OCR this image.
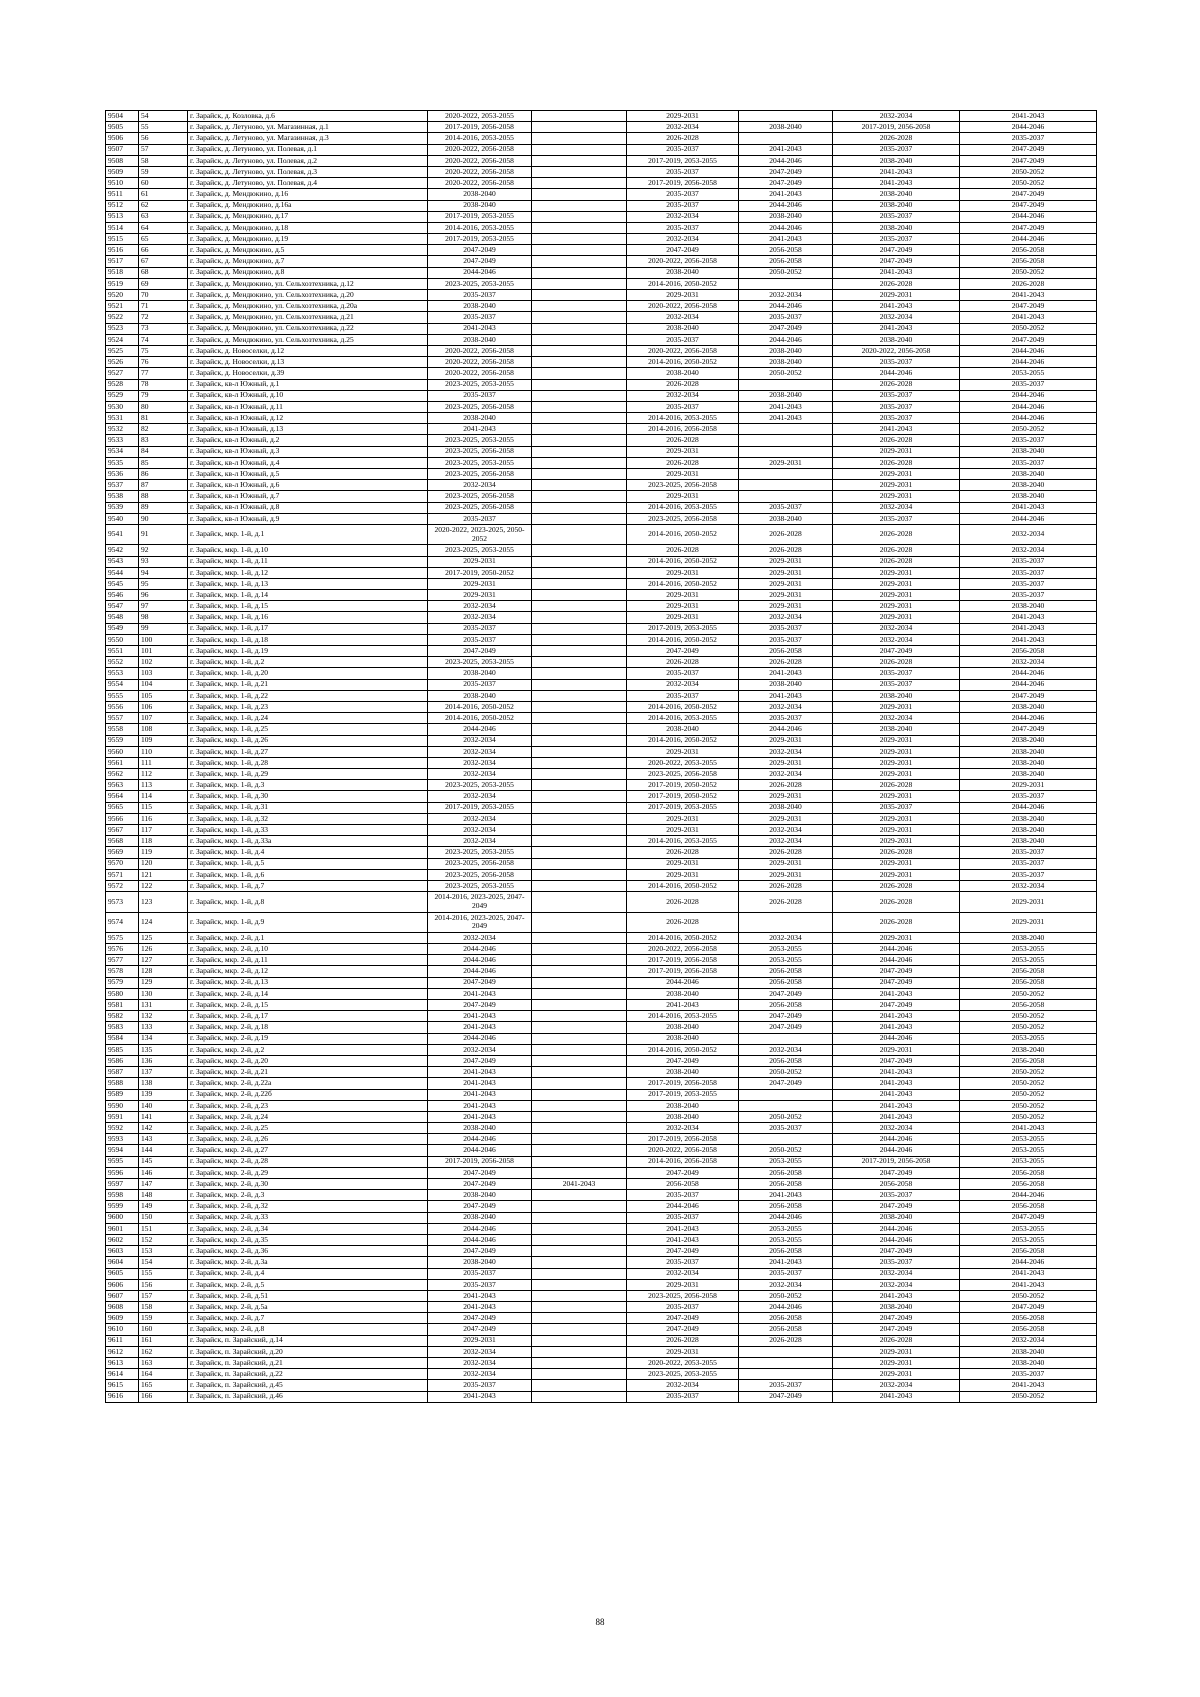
9504	54	г. Зарайск, д. Козловка, д.6	2020-2022, 2053-2055		2029-2031		2032-2034	2041-2043
9505	55	г. Зарайск, д. Летуново, ул. Магазинная, д.1	2017-2019, 2056-2058		2032-2034	2038-2040	2017-2019, 2056-2058	2044-2046
9506	56	г. Зарайск, д. Летуново, ул. Магазинная, д.3	2014-2016, 2053-2055		2026-2028		2026-2028	2035-2037
9507	57	г. Зарайск, д. Летуново, ул. Полевая, д.1	2020-2022, 2056-2058		2035-2037	2041-2043	2035-2037	2047-2049
9508	58	г. Зарайск, д. Летуново, ул. Полевая, д.2	2020-2022, 2056-2058		2017-2019, 2053-2055	2044-2046	2038-2040	2047-2049
9509	59	г. Зарайск, д. Летуново, ул. Полевая, д.3	2020-2022, 2056-2058		2035-2037	2047-2049	2041-2043	2050-2052
9510	60	г. Зарайск, д. Летуново, ул. Полевая, д.4	2020-2022, 2056-2058		2017-2019, 2056-2058	2047-2049	2041-2043	2050-2052
9511	61	г. Зарайск, д. Мендюкино, д.16	2038-2040		2035-2037	2041-2043	2038-2040	2047-2049
9512	62	г. Зарайск, д. Мендюкино, д.16а	2038-2040		2035-2037	2044-2046	2038-2040	2047-2049
9513	63	г. Зарайск, д. Мендюкино, д.17	2017-2019, 2053-2055		2032-2034	2038-2040	2035-2037	2044-2046
9514	64	г. Зарайск, д. Мендюкино, д.18	2014-2016, 2053-2055		2035-2037	2044-2046	2038-2040	2047-2049
9515	65	г. Зарайск, д. Мендюкино, д.19	2017-2019, 2053-2055		2032-2034	2041-2043	2035-2037	2044-2046
9516	66	г. Зарайск, д. Мендюкино, д.5	2047-2049		2047-2049	2056-2058	2047-2049	2056-2058
9517	67	г. Зарайск, д. Мендюкино, д.7	2047-2049		2020-2022, 2056-2058	2056-2058	2047-2049	2056-2058
9518	68	г. Зарайск, д. Мендюкино, д.8	2044-2046		2038-2040	2050-2052	2041-2043	2050-2052
9519	69	г. Зарайск, д. Мендюкино, ул. Сельхозтехника, д.12	2023-2025, 2053-2055		2014-2016, 2050-2052		2026-2028	2026-2028
9520	70	г. Зарайск, д. Мендюкино, ул. Сельхозтехника, д.20	2035-2037		2029-2031	2032-2034	2029-2031	2041-2043
9521	71	г. Зарайск, д. Мендюкино, ул. Сельхозтехника, д.20а	2038-2040		2020-2022, 2056-2058	2044-2046	2041-2043	2047-2049
9522	72	г. Зарайск, д. Мендюкино, ул. Сельхозтехника, д.21	2035-2037		2032-2034	2035-2037	2032-2034	2041-2043
9523	73	г. Зарайск, д. Мендюкино, ул. Сельхозтехника, д.22	2041-2043		2038-2040	2047-2049	2041-2043	2050-2052
9524	74	г. Зарайск, д. Мендюкино, ул. Сельхозтехника, д.25	2038-2040		2035-2037	2044-2046	2038-2040	2047-2049
9525	75	г. Зарайск, д. Новоселки, д.12	2020-2022, 2056-2058		2020-2022, 2056-2058	2038-2040	2020-2022, 2056-2058	2044-2046
9526	76	г. Зарайск, д. Новоселки, д.13	2020-2022, 2056-2058		2014-2016, 2050-2052	2038-2040	2035-2037	2044-2046
9527	77	г. Зарайск, д. Новоселки, д.39	2020-2022, 2056-2058		2038-2040	2050-2052	2044-2046	2053-2055
9528	78	г. Зарайск, кв-л Южный, д.1	2023-2025, 2053-2055		2026-2028		2026-2028	2035-2037
9529	79	г. Зарайск, кв-л Южный, д.10	2035-2037		2032-2034	2038-2040	2035-2037	2044-2046
9530	80	г. Зарайск, кв-л Южный, д.11	2023-2025, 2056-2058		2035-2037	2041-2043	2035-2037	2044-2046
9531	81	г. Зарайск, кв-л Южный, д.12	2038-2040		2014-2016, 2053-2055	2041-2043	2035-2037	2044-2046
9532	82	г. Зарайск, кв-л Южный, д.13	2041-2043		2014-2016, 2056-2058		2041-2043	2050-2052
9533	83	г. Зарайск, кв-л Южный, д.2	2023-2025, 2053-2055		2026-2028		2026-2028	2035-2037
9534	84	г. Зарайск, кв-л Южный, д.3	2023-2025, 2056-2058		2029-2031		2029-2031	2038-2040
9535	85	г. Зарайск, кв-л Южный, д.4	2023-2025, 2053-2055		2026-2028	2029-2031	2026-2028	2035-2037
9536	86	г. Зарайск, кв-л Южный, д.5	2023-2025, 2056-2058		2029-2031		2029-2031	2038-2040
9537	87	г. Зарайск, кв-л Южный, д.6	2032-2034		2023-2025, 2056-2058		2029-2031	2038-2040
9538	88	г. Зарайск, кв-л Южный, д.7	2023-2025, 2056-2058		2029-2031		2029-2031	2038-2040
9539	89	г. Зарайск, кв-л Южный, д.8	2023-2025, 2056-2058		2014-2016, 2053-2055	2035-2037	2032-2034	2041-2043
9540	90	г. Зарайск, кв-л Южный, д.9	2035-2037		2023-2025, 2056-2058	2038-2040	2035-2037	2044-2046
9541	91	г. Зарайск, мкр. 1-й, д.1	2020-2022, 2023-2025, 2050-2052		2014-2016, 2050-2052	2026-2028	2026-2028	2032-2034
9542	92	г. Зарайск, мкр. 1-й, д.10	2023-2025, 2053-2055		2026-2028	2026-2028	2026-2028	2032-2034
9543	93	г. Зарайск, мкр. 1-й, д.11	2029-2031		2014-2016, 2050-2052	2029-2031	2026-2028	2035-2037
9544	94	г. Зарайск, мкр. 1-й, д.12	2017-2019, 2050-2052		2029-2031	2029-2031	2029-2031	2035-2037
9545	95	г. Зарайск, мкр. 1-й, д.13	2029-2031		2014-2016, 2050-2052	2029-2031	2029-2031	2035-2037
9546	96	г. Зарайск, мкр. 1-й, д.14	2029-2031		2029-2031	2029-2031	2029-2031	2035-2037
9547	97	г. Зарайск, мкр. 1-й, д.15	2032-2034		2029-2031	2029-2031	2029-2031	2038-2040
9548	98	г. Зарайск, мкр. 1-й, д.16	2032-2034		2029-2031	2032-2034	2029-2031	2041-2043
9549	99	г. Зарайск, мкр. 1-й, д.17	2035-2037		2017-2019, 2053-2055	2035-2037	2032-2034	2041-2043
9550	100	г. Зарайск, мкр. 1-й, д.18	2035-2037		2014-2016, 2050-2052	2035-2037	2032-2034	2041-2043
9551	101	г. Зарайск, мкр. 1-й, д.19	2047-2049		2047-2049	2056-2058	2047-2049	2056-2058
9552	102	г. Зарайск, мкр. 1-й, д.2	2023-2025, 2053-2055		2026-2028	2026-2028	2026-2028	2032-2034
9553	103	г. Зарайск, мкр. 1-й, д.20	2038-2040		2035-2037	2041-2043	2035-2037	2044-2046
9554	104	г. Зарайск, мкр. 1-й, д.21	2035-2037		2032-2034	2038-2040	2035-2037	2044-2046
9555	105	г. Зарайск, мкр. 1-й, д.22	2038-2040		2035-2037	2041-2043	2038-2040	2047-2049
9556	106	г. Зарайск, мкр. 1-й, д.23	2014-2016, 2050-2052		2014-2016, 2050-2052	2032-2034	2029-2031	2038-2040
9557	107	г. Зарайск, мкр. 1-й, д.24	2014-2016, 2050-2052		2014-2016, 2053-2055	2035-2037	2032-2034	2044-2046
9558	108	г. Зарайск, мкр. 1-й, д.25	2044-2046		2038-2040	2044-2046	2038-2040	2047-2049
9559	109	г. Зарайск, мкр. 1-й, д.26	2032-2034		2014-2016, 2050-2052	2029-2031	2029-2031	2038-2040
9560	110	г. Зарайск, мкр. 1-й, д.27	2032-2034		2029-2031	2032-2034	2029-2031	2038-2040
9561	111	г. Зарайск, мкр. 1-й, д.28	2032-2034		2020-2022, 2053-2055	2029-2031	2029-2031	2038-2040
9562	112	г. Зарайск, мкр. 1-й, д.29	2032-2034		2023-2025, 2056-2058	2032-2034	2029-2031	2038-2040
9563	113	г. Зарайск, мкр. 1-й, д.3	2023-2025, 2053-2055		2017-2019, 2050-2052	2026-2028	2026-2028	2029-2031
9564	114	г. Зарайск, мкр. 1-й, д.30	2032-2034		2017-2019, 2050-2052	2029-2031	2029-2031	2035-2037
9565	115	г. Зарайск, мкр. 1-й, д.31	2017-2019, 2053-2055		2017-2019, 2053-2055	2038-2040	2035-2037	2044-2046
9566	116	г. Зарайск, мкр. 1-й, д.32	2032-2034		2029-2031	2029-2031	2029-2031	2038-2040
9567	117	г. Зарайск, мкр. 1-й, д.33	2032-2034		2029-2031	2032-2034	2029-2031	2038-2040
9568	118	г. Зарайск, мкр. 1-й, д.33а	2032-2034		2014-2016, 2053-2055	2032-2034	2029-2031	2038-2040
9569	119	г. Зарайск, мкр. 1-й, д.4	2023-2025, 2053-2055		2026-2028	2026-2028	2026-2028	2035-2037
9570	120	г. Зарайск, мкр. 1-й, д.5	2023-2025, 2056-2058		2029-2031	2029-2031	2029-2031	2035-2037
9571	121	г. Зарайск, мкр. 1-й, д.6	2023-2025, 2056-2058		2029-2031	2029-2031	2029-2031	2035-2037
9572	122	г. Зарайск, мкр. 1-й, д.7	2023-2025, 2053-2055		2014-2016, 2050-2052	2026-2028	2026-2028	2032-2034
9573	123	г. Зарайск, мкр. 1-й, д.8	2014-2016, 2023-2025, 2047-2049		2026-2028	2026-2028	2026-2028	2029-2031
9574	124	г. Зарайск, мкр. 1-й, д.9	2014-2016, 2023-2025, 2047-2049		2026-2028		2026-2028	2029-2031
9575	125	г. Зарайск, мкр. 2-й, д.1	2032-2034		2014-2016, 2050-2052	2032-2034	2029-2031	2038-2040
9576	126	г. Зарайск, мкр. 2-й, д.10	2044-2046		2020-2022, 2056-2058	2053-2055	2044-2046	2053-2055
9577	127	г. Зарайск, мкр. 2-й, д.11	2044-2046		2017-2019, 2056-2058	2053-2055	2044-2046	2053-2055
9578	128	г. Зарайск, мкр. 2-й, д.12	2044-2046		2017-2019, 2056-2058	2056-2058	2047-2049	2056-2058
9579	129	г. Зарайск, мкр. 2-й, д.13	2047-2049		2044-2046	2056-2058	2047-2049	2056-2058
9580	130	г. Зарайск, мкр. 2-й, д.14	2041-2043		2038-2040	2047-2049	2041-2043	2050-2052
9581	131	г. Зарайск, мкр. 2-й, д.15	2047-2049		2041-2043	2056-2058	2047-2049	2056-2058
9582	132	г. Зарайск, мкр. 2-й, д.17	2041-2043		2014-2016, 2053-2055	2047-2049	2041-2043	2050-2052
9583	133	г. Зарайск, мкр. 2-й, д.18	2041-2043		2038-2040	2047-2049	2041-2043	2050-2052
9584	134	г. Зарайск, мкр. 2-й, д.19	2044-2046		2038-2040		2044-2046	2053-2055
9585	135	г. Зарайск, мкр. 2-й, д.2	2032-2034		2014-2016, 2050-2052	2032-2034	2029-2031	2038-2040
9586	136	г. Зарайск, мкр. 2-й, д.20	2047-2049		2047-2049	2056-2058	2047-2049	2056-2058
9587	137	г. Зарайск, мкр. 2-й, д.21	2041-2043		2038-2040	2050-2052	2041-2043	2050-2052
9588	138	г. Зарайск, мкр. 2-й, д.22а	2041-2043		2017-2019, 2056-2058	2047-2049	2041-2043	2050-2052
9589	139	г. Зарайск, мкр. 2-й, д.22б	2041-2043		2017-2019, 2053-2055		2041-2043	2050-2052
9590	140	г. Зарайск, мкр. 2-й, д.23	2041-2043		2038-2040		2041-2043	2050-2052
9591	141	г. Зарайск, мкр. 2-й, д.24	2041-2043		2038-2040	2050-2052	2041-2043	2050-2052
9592	142	г. Зарайск, мкр. 2-й, д.25	2038-2040		2032-2034	2035-2037	2032-2034	2041-2043
9593	143	г. Зарайск, мкр. 2-й, д.26	2044-2046		2017-2019, 2056-2058		2044-2046	2053-2055
9594	144	г. Зарайск, мкр. 2-й, д.27	2044-2046		2020-2022, 2056-2058	2050-2052	2044-2046	2053-2055
9595	145	г. Зарайск, мкр. 2-й, д.28	2017-2019, 2056-2058		2014-2016, 2056-2058	2053-2055	2017-2019, 2056-2058	2053-2055
9596	146	г. Зарайск, мкр. 2-й, д.29	2047-2049		2047-2049	2056-2058	2047-2049	2056-2058
9597	147	г. Зарайск, мкр. 2-й, д.30	2047-2049	2041-2043	2056-2058	2056-2058	2056-2058	2056-2058
9598	148	г. Зарайск, мкр. 2-й, д.3	2038-2040		2035-2037	2041-2043	2035-2037	2044-2046
9599	149	г. Зарайск, мкр. 2-й, д.32	2047-2049		2044-2046	2056-2058	2047-2049	2056-2058
9600	150	г. Зарайск, мкр. 2-й, д.33	2038-2040		2035-2037	2044-2046	2038-2040	2047-2049
9601	151	г. Зарайск, мкр. 2-й, д.34	2044-2046		2041-2043	2053-2055	2044-2046	2053-2055
9602	152	г. Зарайск, мкр. 2-й, д.35	2044-2046		2041-2043	2053-2055	2044-2046	2053-2055
9603	153	г. Зарайск, мкр. 2-й, д.36	2047-2049		2047-2049	2056-2058	2047-2049	2056-2058
9604	154	г. Зарайск, мкр. 2-й, д.3а	2038-2040		2035-2037	2041-2043	2035-2037	2044-2046
9605	155	г. Зарайск, мкр. 2-й, д.4	2035-2037		2032-2034	2035-2037	2032-2034	2041-2043
9606	156	г. Зарайск, мкр. 2-й, д.5	2035-2037		2029-2031	2032-2034	2032-2034	2041-2043
9607	157	г. Зарайск, мкр. 2-й, д.51	2041-2043		2023-2025, 2056-2058	2050-2052	2041-2043	2050-2052
9608	158	г. Зарайск, мкр. 2-й, д.5а	2041-2043		2035-2037	2044-2046	2038-2040	2047-2049
9609	159	г. Зарайск, мкр. 2-й, д.7	2047-2049		2047-2049	2056-2058	2047-2049	2056-2058
9610	160	г. Зарайск, мкр. 2-й, д.8	2047-2049		2047-2049	2056-2058	2047-2049	2056-2058
9611	161	г. Зарайск, п. Зарайский, д.14	2029-2031		2026-2028	2026-2028	2026-2028	2032-2034
9612	162	г. Зарайск, п. Зарайский, д.20	2032-2034		2029-2031		2029-2031	2038-2040
9613	163	г. Зарайск, п. Зарайский, д.21	2032-2034		2020-2022, 2053-2055		2029-2031	2038-2040
9614	164	г. Зарайск, п. Зарайский, д.22	2032-2034		2023-2025, 2053-2055		2029-2031	2035-2037
9615	165	г. Зарайск, п. Зарайский, д.45	2035-2037		2032-2034	2035-2037	2032-2034	2041-2043
9616	166	г. Зарайск, п. Зарайский, д.46	2041-2043		2035-2037	2047-2049	2041-2043	2050-2052
88
